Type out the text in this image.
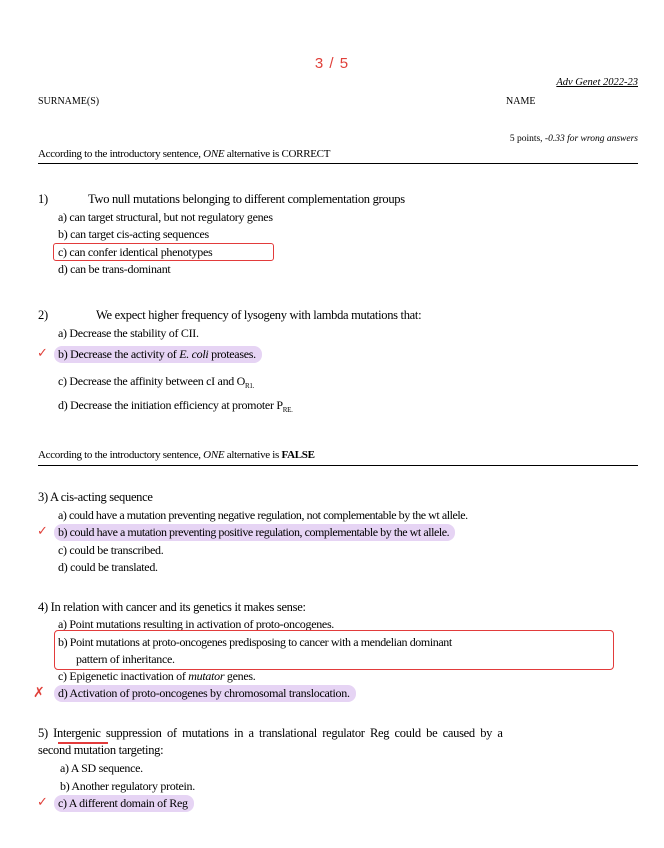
3 / 5
Adv Genet 2022-23
SURNAME(S)	NAME
5 points, -0.33 for wrong answers
According to the introductory sentence, ONE alternative is CORRECT
1)	Two null mutations belonging to different complementation groups
a) can target structural, but not regulatory genes
b) can target cis-acting sequences
c) can confer identical phenotypes
d) can be trans-dominant
2)	We expect higher frequency of lysogeny with lambda mutations that:
a) Decrease the stability of CII.
✓ b) Decrease the activity of E. coli proteases.
c) Decrease the affinity between cI and $O_{R1.}$
d) Decrease the initiation efficiency at promoter $P_{RE.}$
According to the introductory sentence, ONE alternative is FALSE
3) A cis-acting sequence
a) could have a mutation preventing negative regulation, not complementable by the wt allele.
✓ b) could have a mutation preventing positive regulation, complementable by the wt allele.
c) could be transcribed.
d) could be translated.
4) In relation with cancer and its genetics it makes sense:
a) Point mutations resulting in activation of proto-oncogenes.
b) Point mutations at proto-oncogenes predisposing to cancer with a mendelian dominant
pattern of inheritance.
c) Epigenetic inactivation of mutator genes.
✗	d) Activation of proto-oncogenes by chromosomal translocation.
5) Intergenic suppression of mutations in a translational regulator Reg could be caused by a
second mutation targeting:
a) A SD sequence.
b) Another regulatory protein.
✓ c) A different domain of Reg
